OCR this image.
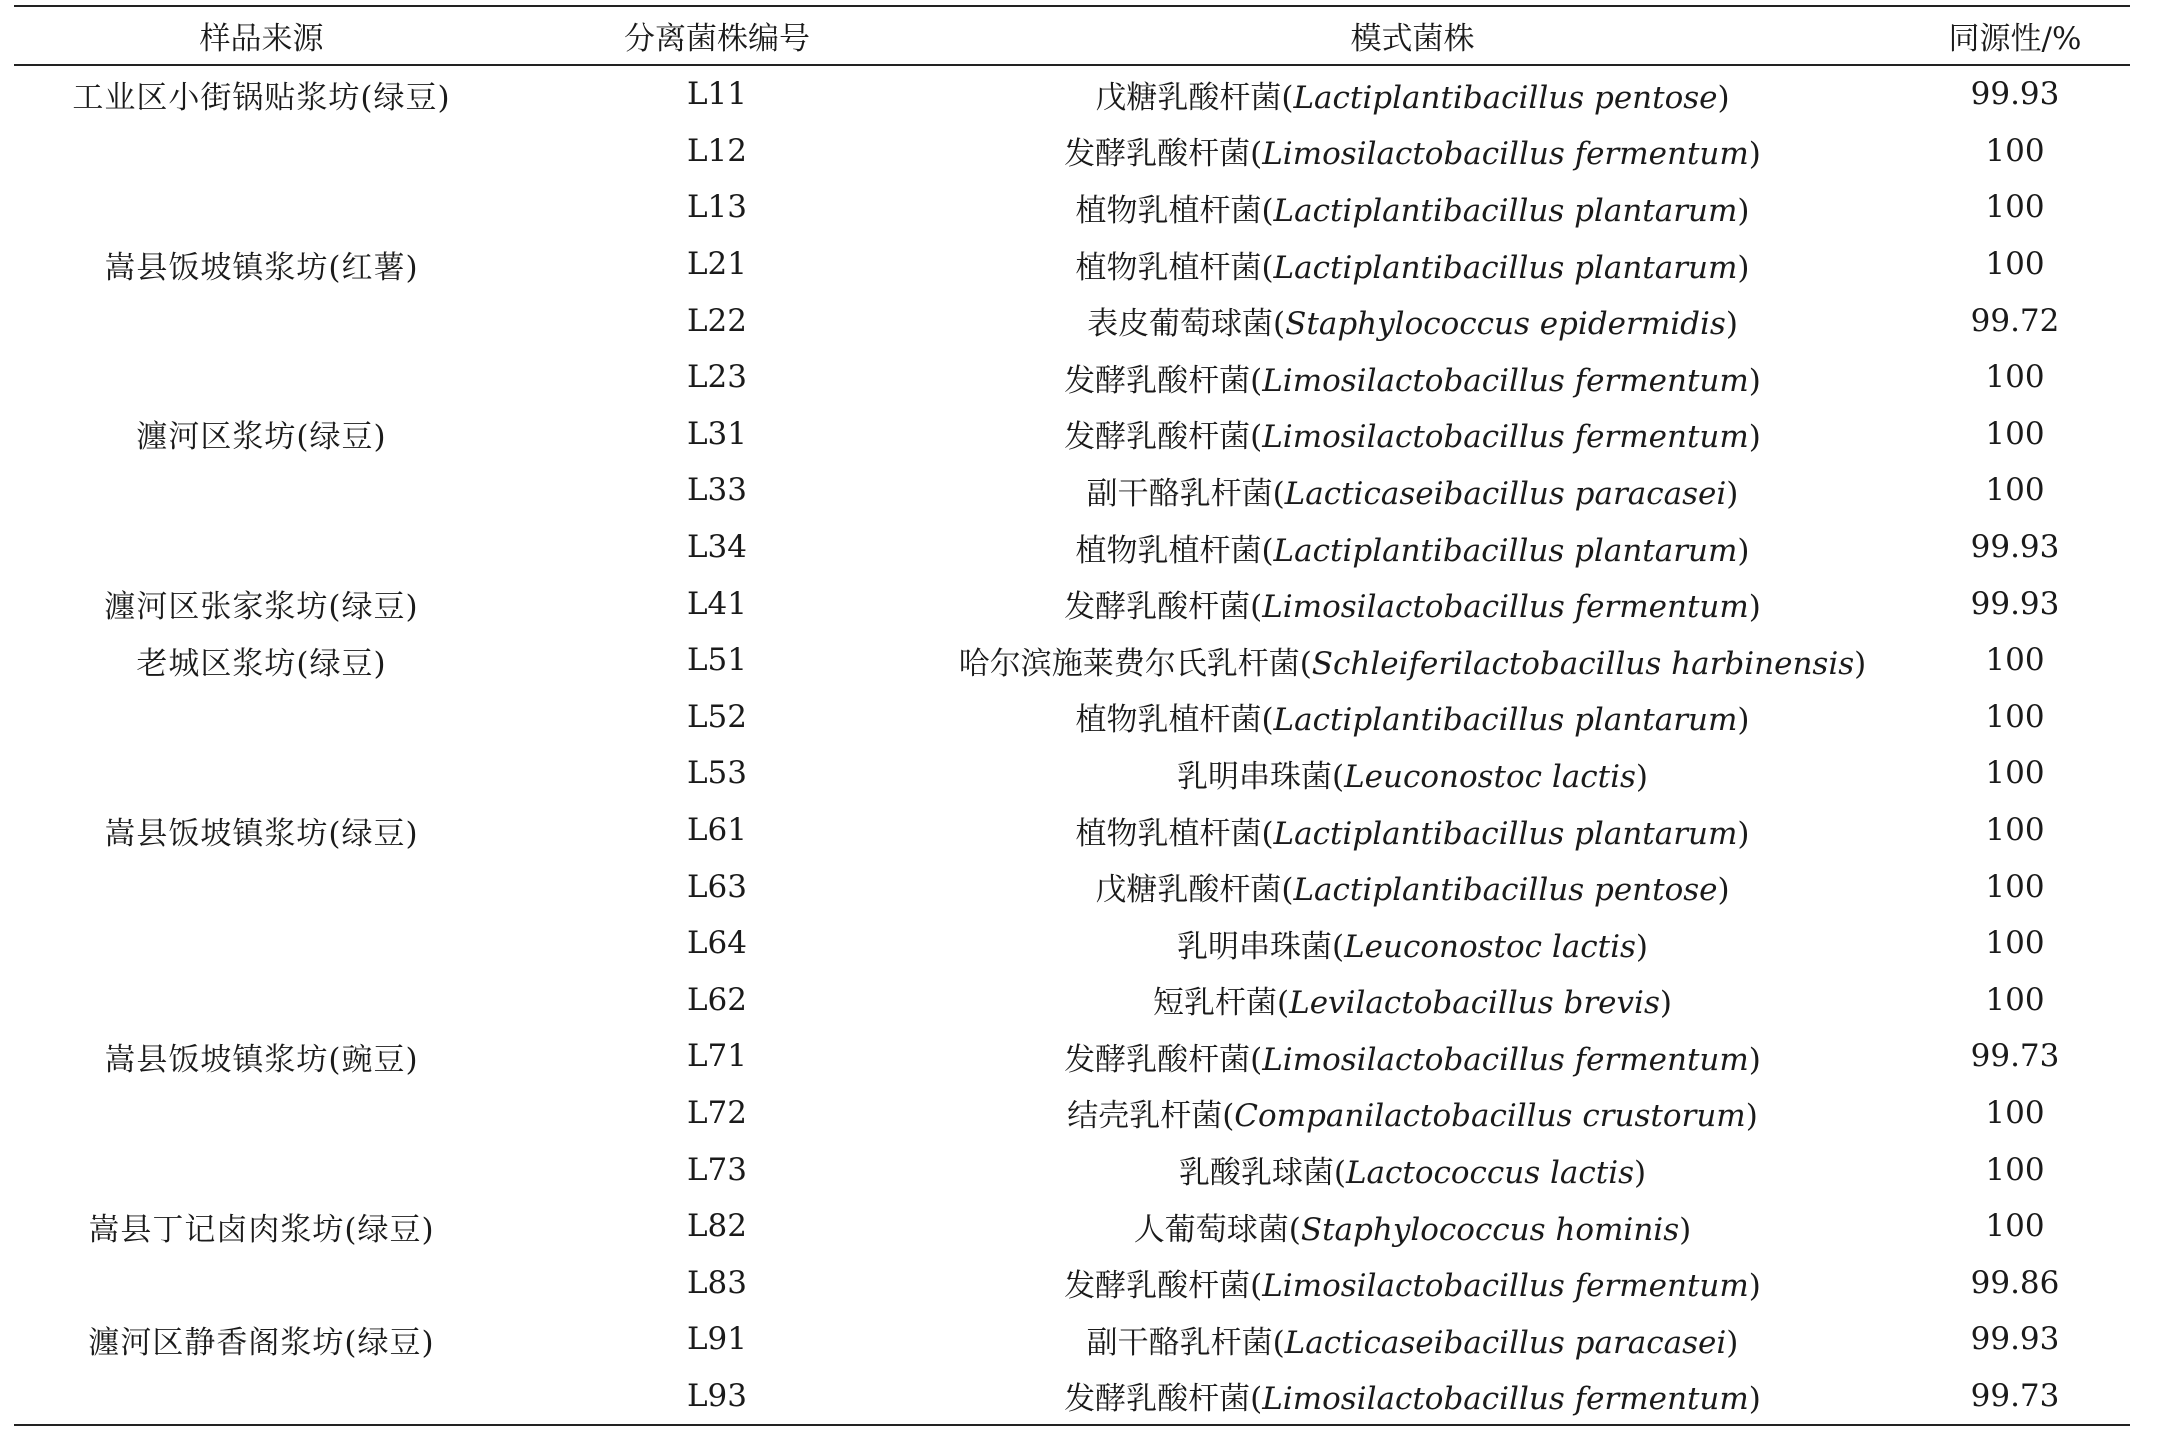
样品来源	分离菌株编号	模式菌株	同源性/%
工业区小街锅贴浆坊(绿豆)	L11	戊糖乳酸杆菌(Lactiplantibacillus pentose)	99.93
	L12	发酵乳酸杆菌(Limosilactobacillus fermentum)	100
	L13	植物乳植杆菌(Lactiplantibacillus plantarum)	100
嵩县饭坡镇浆坊(红薯)	L21	植物乳植杆菌(Lactiplantibacillus plantarum)	100
	L22	表皮葡萄球菌(Staphylococcus epidermidis)	99.72
	L23	发酵乳酸杆菌(Limosilactobacillus fermentum)	100
瀍河区浆坊(绿豆)	L31	发酵乳酸杆菌(Limosilactobacillus fermentum)	100
	L33	副干酪乳杆菌(Lacticaseibacillus paracasei)	100
	L34	植物乳植杆菌(Lactiplantibacillus plantarum)	99.93
瀍河区张家浆坊(绿豆)	L41	发酵乳酸杆菌(Limosilactobacillus fermentum)	99.93
老城区浆坊(绿豆)	L51	哈尔滨施莱费尔氏乳杆菌(Schleiferilactobacillus harbinensis)	100
	L52	植物乳植杆菌(Lactiplantibacillus plantarum)	100
	L53	乳明串珠菌(Leuconostoc lactis)	100
嵩县饭坡镇浆坊(绿豆)	L61	植物乳植杆菌(Lactiplantibacillus plantarum)	100
	L63	戊糖乳酸杆菌(Lactiplantibacillus pentose)	100
	L64	乳明串珠菌(Leuconostoc lactis)	100
	L62	短乳杆菌(Levilactobacillus brevis)	100
嵩县饭坡镇浆坊(豌豆)	L71	发酵乳酸杆菌(Limosilactobacillus fermentum)	99.73
	L72	结壳乳杆菌(Companilactobacillus crustorum)	100
	L73	乳酸乳球菌(Lactococcus lactis)	100
嵩县丁记卤肉浆坊(绿豆)	L82	人葡萄球菌(Staphylococcus hominis)	100
	L83	发酵乳酸杆菌(Limosilactobacillus fermentum)	99.86
瀍河区静香阁浆坊(绿豆)	L91	副干酪乳杆菌(Lacticaseibacillus paracasei)	99.93
	L93	发酵乳酸杆菌(Limosilactobacillus fermentum)	99.73
